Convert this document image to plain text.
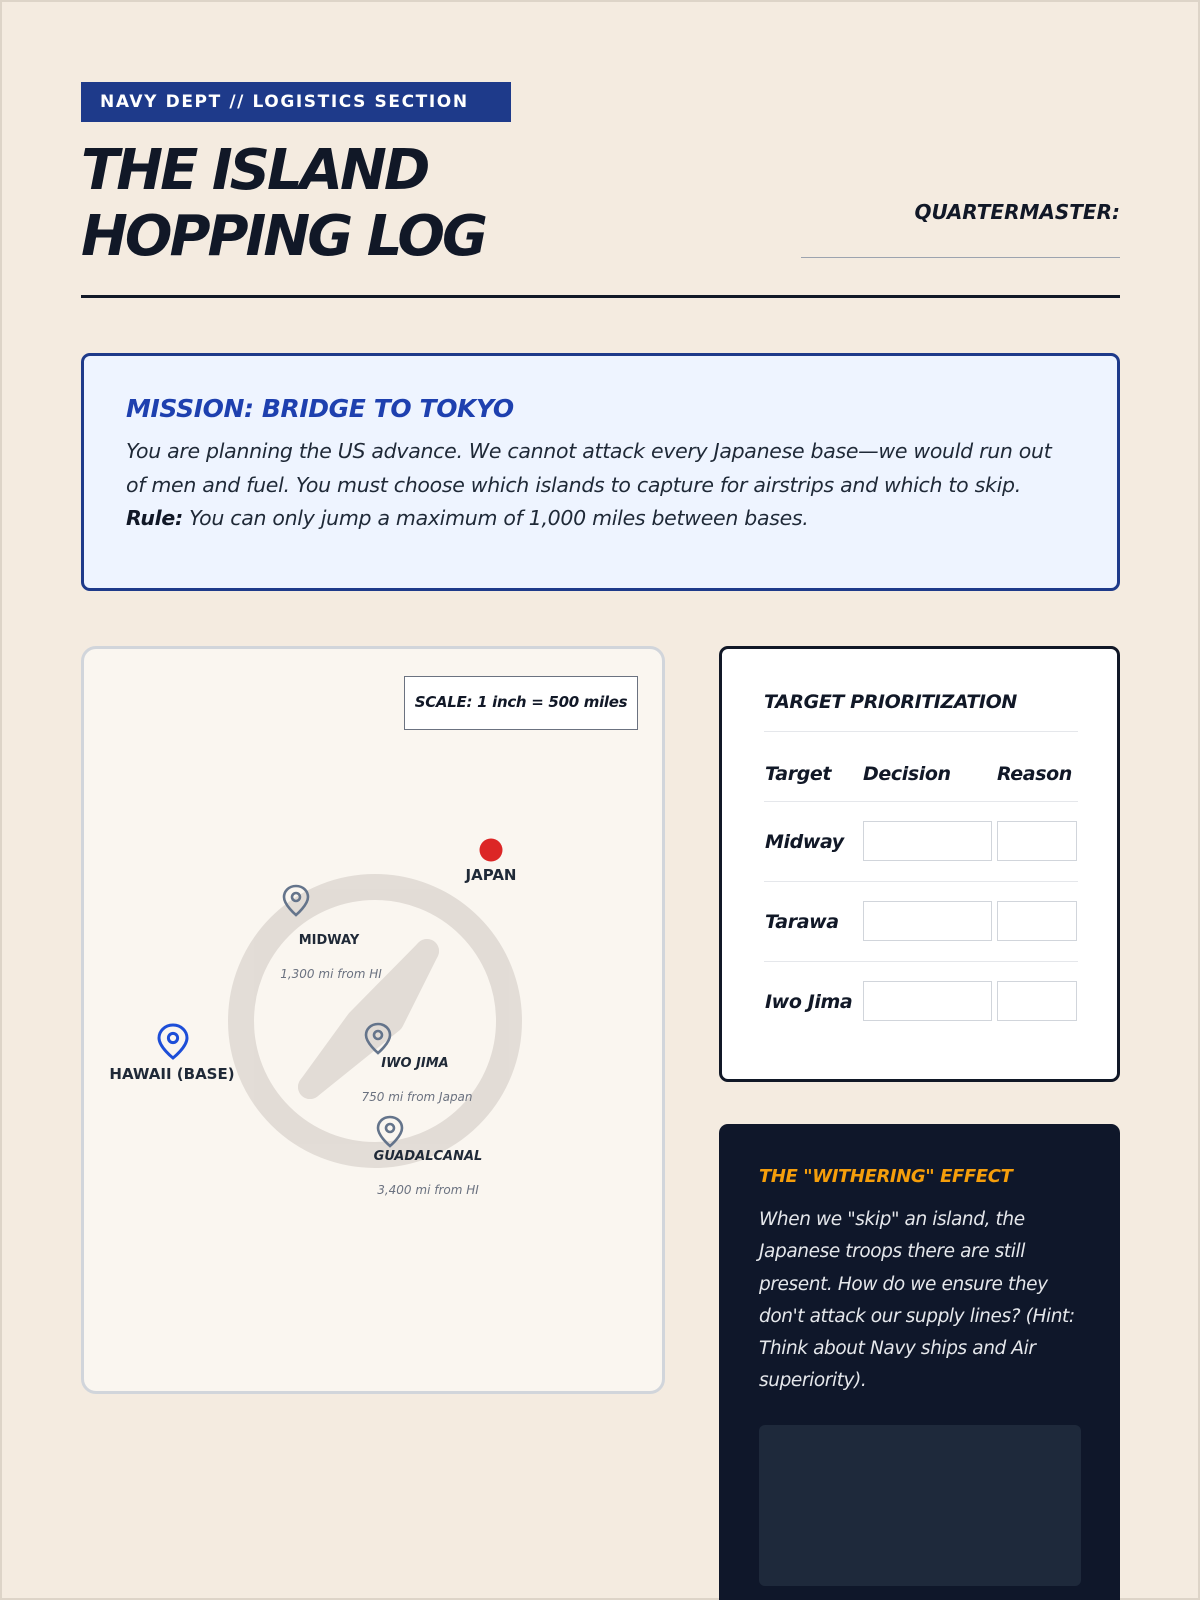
NAVY DEPT // LOGISTICS SECTION
THE ISLAND
HOPPING LOG	QUARTERMASTER:
MISSION: BRIDGE TO TOKYO

You are planning the US advance. We cannot attack every Japanese base—we would run out of men and fuel. You must choose which islands to capture for airstrips and which to skip. Rule: You can only jump a maximum of 1,000 miles between bases.

SCALE: 1 inch = 500 miles
JAPAN
MIDWAY
1,300 mi from HI
HAWAII (BASE)
IWO JIMA
750 mi from Japan
GUADALCANAL
3,400 mi from HI
TARGET PRIORITIZATION
Target Decision Reason
Midway
Tarawa
Iwo Jima
THE "WITHERING" EFFECT

When we "skip" an island, the Japanese troops there are still present. How do we ensure they don't attack our supply lines? (Hint: Think about Navy ships and Air superiority).
